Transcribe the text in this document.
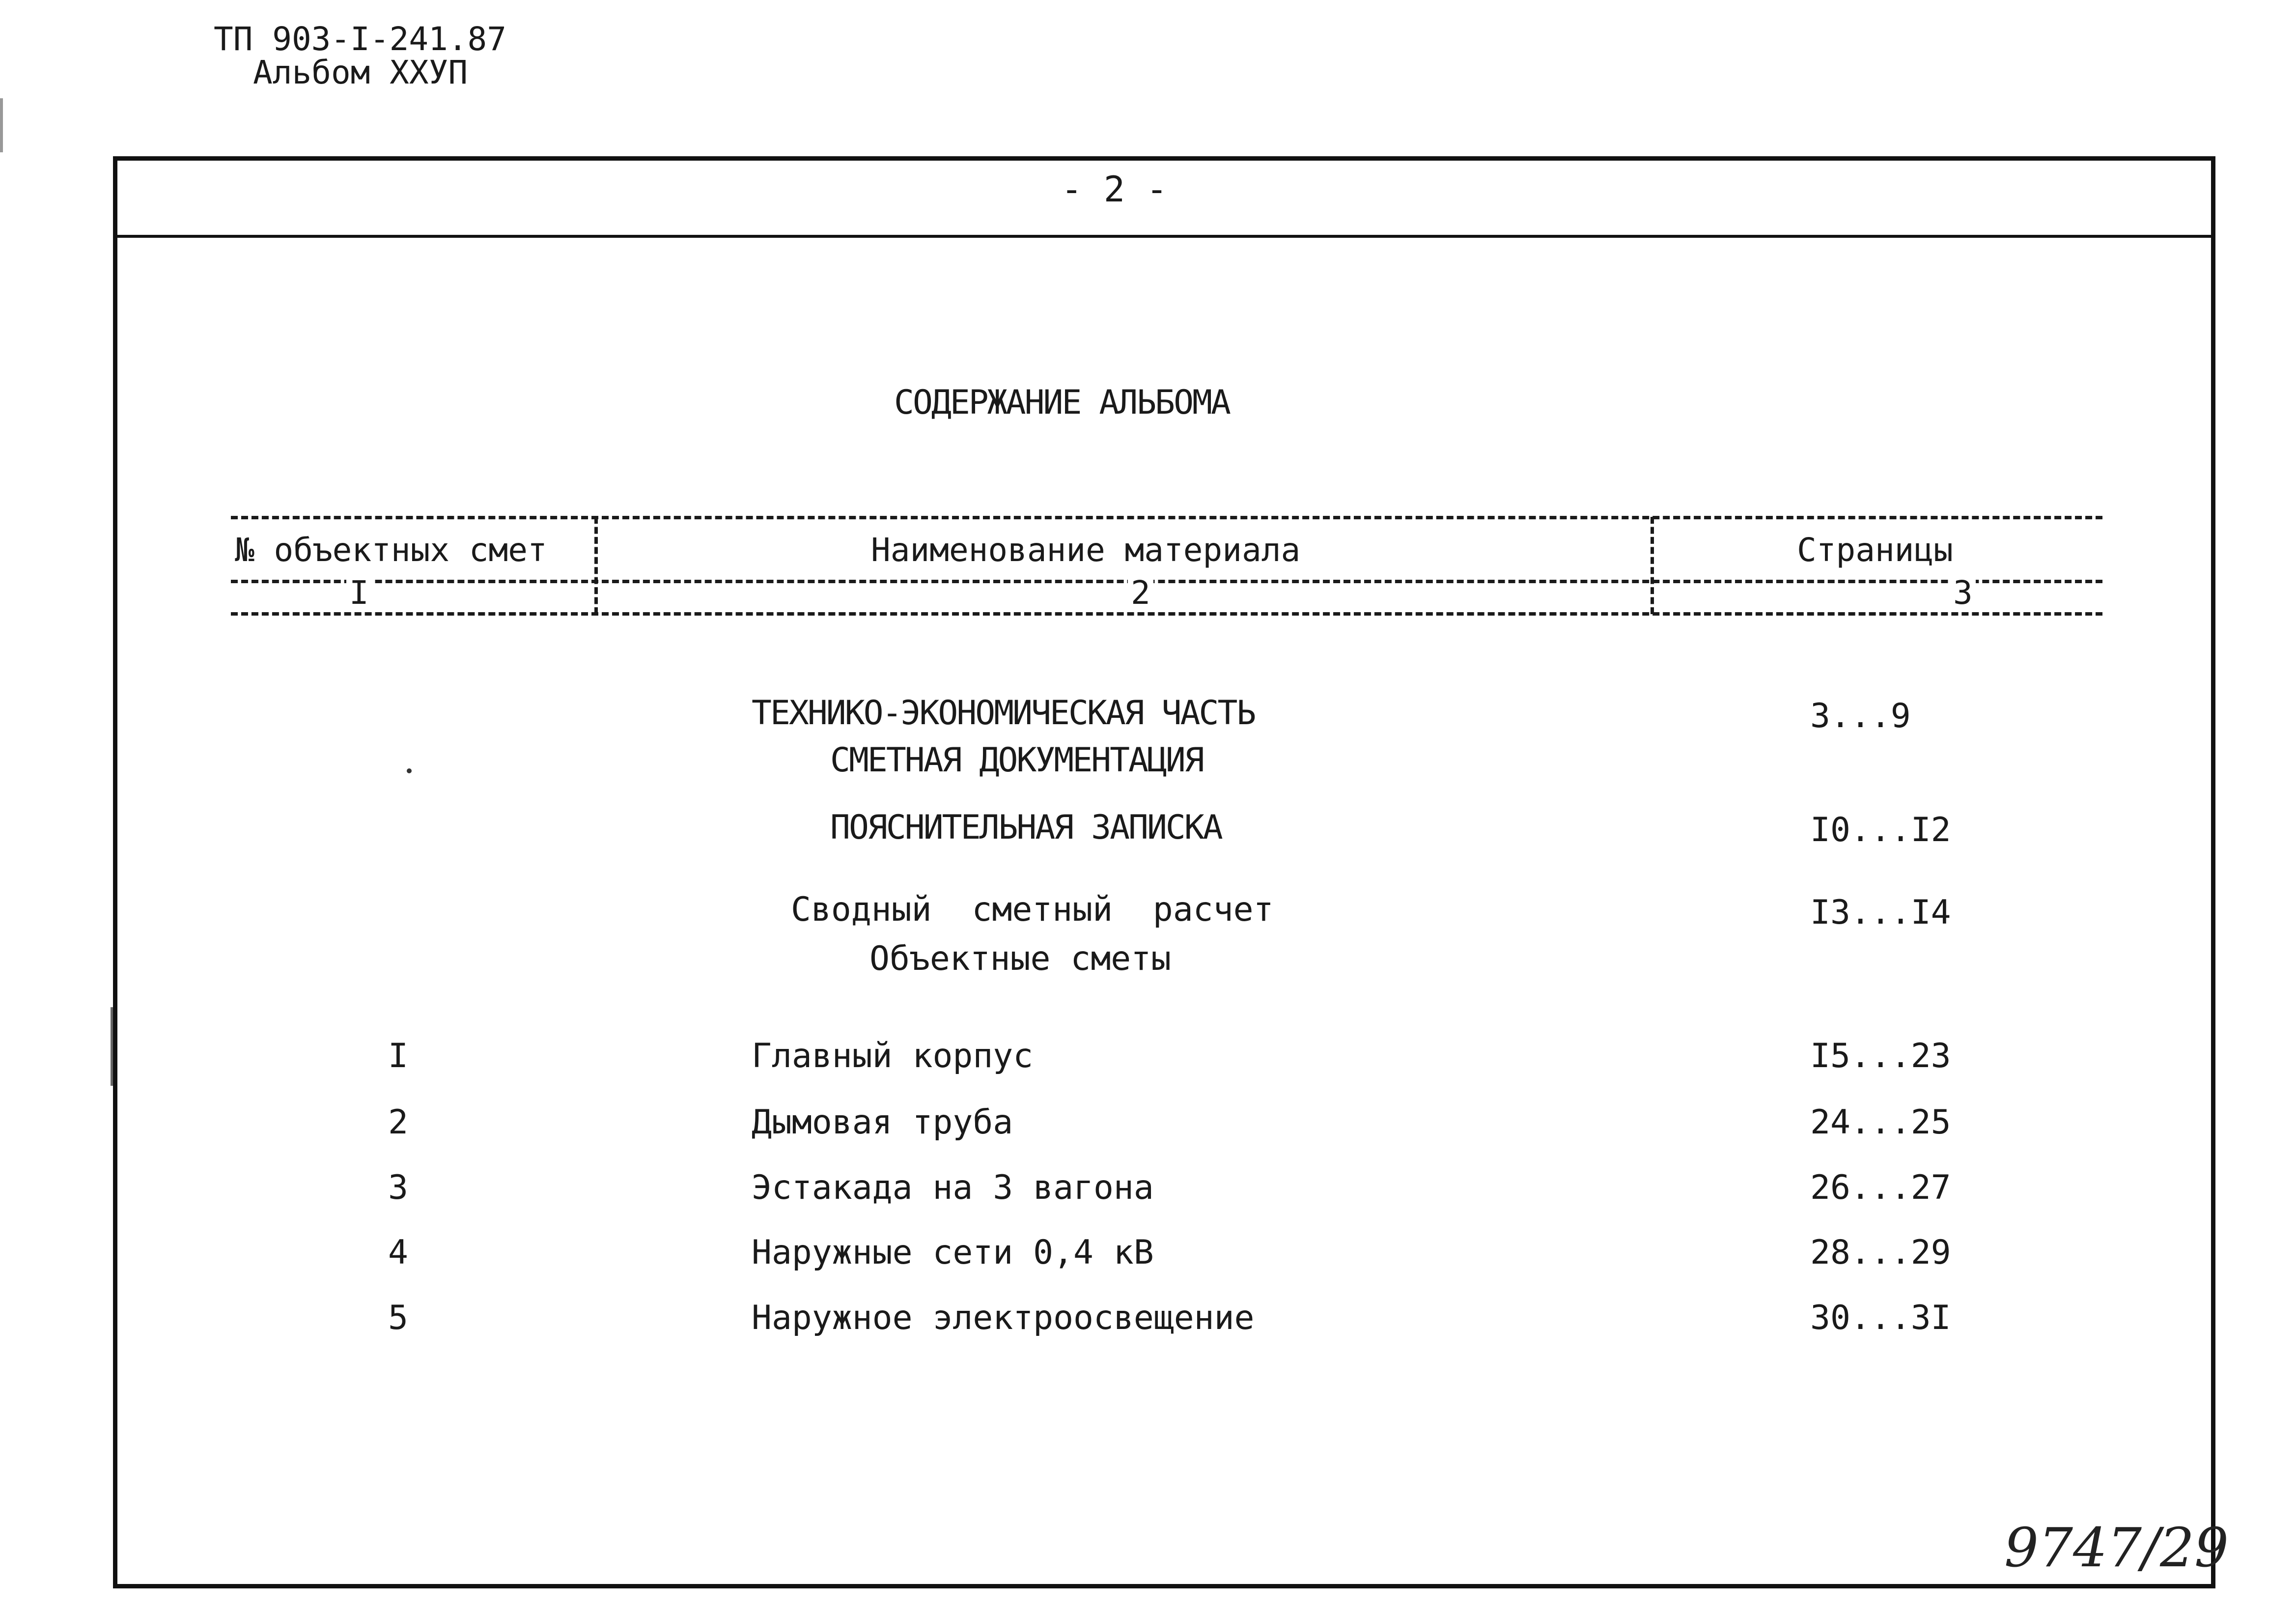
ТП 903-I-241.87
Альбом XXУП
- 2 -
СОДЕРЖАНИЕ АЛЬБОМА
№ объектных смет	Наименование материала	Страницы
I	2	3
ТЕХНИКО-ЭКОНОМИЧЕСКАЯ ЧАСТЬ	3...9
СМЕТНАЯ ДОКУМЕНТАЦИЯ
ПОЯСНИТЕЛЬНАЯ ЗАПИСКА	I0...I2
Сводный  сметный  расчет	I3...I4
Объектные сметы
I	Главный корпус	I5...23
2	Дымовая труба	24...25
3	Эстакада на 3 вагона	26...27
4	Наружные сети 0,4 кВ	28...29
5	Наружное электроосвещение	30...3I
9747/29
